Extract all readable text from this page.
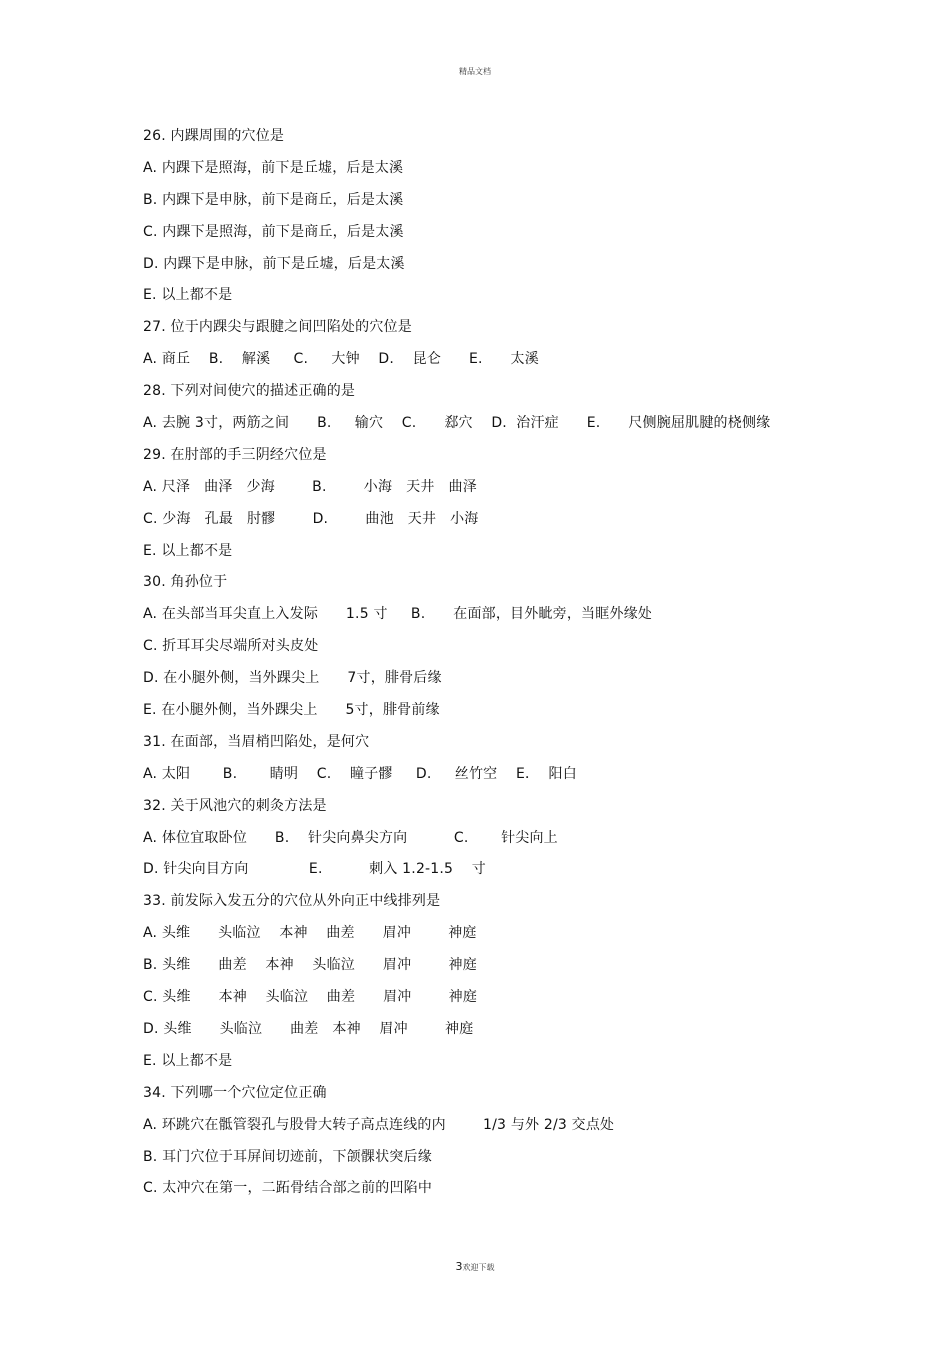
精品文档
26. 内踝周围的穴位是
A. 内踝下是照海，前下是丘墟，后是太溪
B. 内踝下是申脉，前下是商丘，后是太溪
C. 内踝下是照海，前下是商丘，后是太溪
D. 内踝下是申脉，前下是丘墟，后是太溪
E. 以上都不是
27. 位于内踝尖与跟腱之间凹陷处的穴位是
A. 商丘    B.    解溪     C.     大钟    D.    昆仑      E.      太溪
28. 下列对间使穴的描述正确的是
A. 去腕 3寸，两筋之间      B.     输穴    C.      郄穴    D.  治汗症      E.      尺侧腕屈肌腱的桡侧缘
29. 在肘部的手三阴经穴位是
A. 尺泽   曲泽   少海        B.        小海   天井   曲泽
C. 少海   孔最   肘髎        D.        曲池   天井   小海
E. 以上都不是
30. 角孙位于
A. 在头部当耳尖直上入发际      1.5 寸     B.      在面部，目外眦旁，当眶外缘处
C. 折耳耳尖尽端所对头皮处
D. 在小腿外侧，当外踝尖上      7寸，腓骨后缘
E. 在小腿外侧，当外踝尖上      5寸，腓骨前缘
31. 在面部，当眉梢凹陷处，是何穴
A. 太阳       B.       睛明    C.    瞳子髎     D.     丝竹空    E．  阳白
32. 关于风池穴的刺灸方法是
A. 体位宜取卧位      B.    针尖向鼻尖方向          C.       针尖向上
D. 针尖向目方向             E.          刺入 1.2-1.5    寸
33. 前发际入发五分的穴位从外向正中线排列是
A. 头维      头临泣    本神    曲差      眉冲        神庭
B. 头维      曲差    本神    头临泣      眉冲        神庭
C. 头维      本神    头临泣    曲差      眉冲        神庭
D. 头维      头临泣      曲差   本神    眉冲        神庭
E. 以上都不是
34. 下列哪一个穴位定位正确
A. 环跳穴在骶管裂孔与股骨大转子高点连线的内        1/3 与外 2/3 交点处
B. 耳门穴位于耳屏间切迹前，下颌髁状突后缘
C. 太冲穴在第一，二跖骨结合部之前的凹陷中
3欢迎下载
